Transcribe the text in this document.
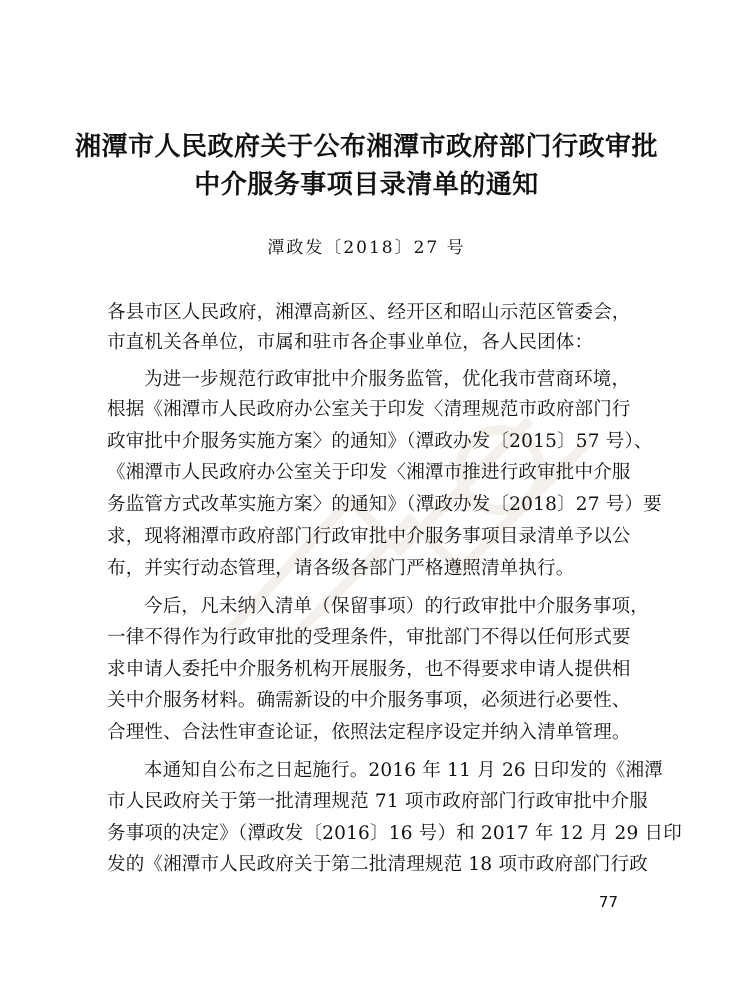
湘潭市人民政府关于公布湘潭市政府部门行政审批
中介服务事项目录清单的通知
潭政发〔2018〕27 号
各县市区人民政府，湘潭高新区、经开区和昭山示范区管委会，
市直机关各单位，市属和驻市各企事业单位，各人民团体：
为进一步规范行政审批中介服务监管，优化我市营商环境，
根据《湘潭市人民政府办公室关于印发〈清理规范市政府部门行
政审批中介服务实施方案〉的通知》（潭政办发〔2015〕57 号）、
《湘潭市人民政府办公室关于印发〈湘潭市推进行政审批中介服
务监管方式改革实施方案〉的通知》（潭政办发〔2018〕27 号）要
求，现将湘潭市政府部门行政审批中介服务事项目录清单予以公
布，并实行动态管理，请各级各部门严格遵照清单执行。
今后，凡未纳入清单（保留事项）的行政审批中介服务事项，
一律不得作为行政审批的受理条件，审批部门不得以任何形式要
求申请人委托中介服务机构开展服务，也不得要求申请人提供相
关中介服务材料。确需新设的中介服务事项，必须进行必要性、
合理性、合法性审查论证，依照法定程序设定并纳入清单管理。
本通知自公布之日起施行。2016 年 11 月 26 日印发的《湘潭
市人民政府关于第一批清理规范 71 项市政府部门行政审批中介服
务事项的决定》（潭政发〔2016〕16 号）和 2017 年 12 月 29 日印
发的《湘潭市人民政府关于第二批清理规范 18 项市政府部门行政
77
